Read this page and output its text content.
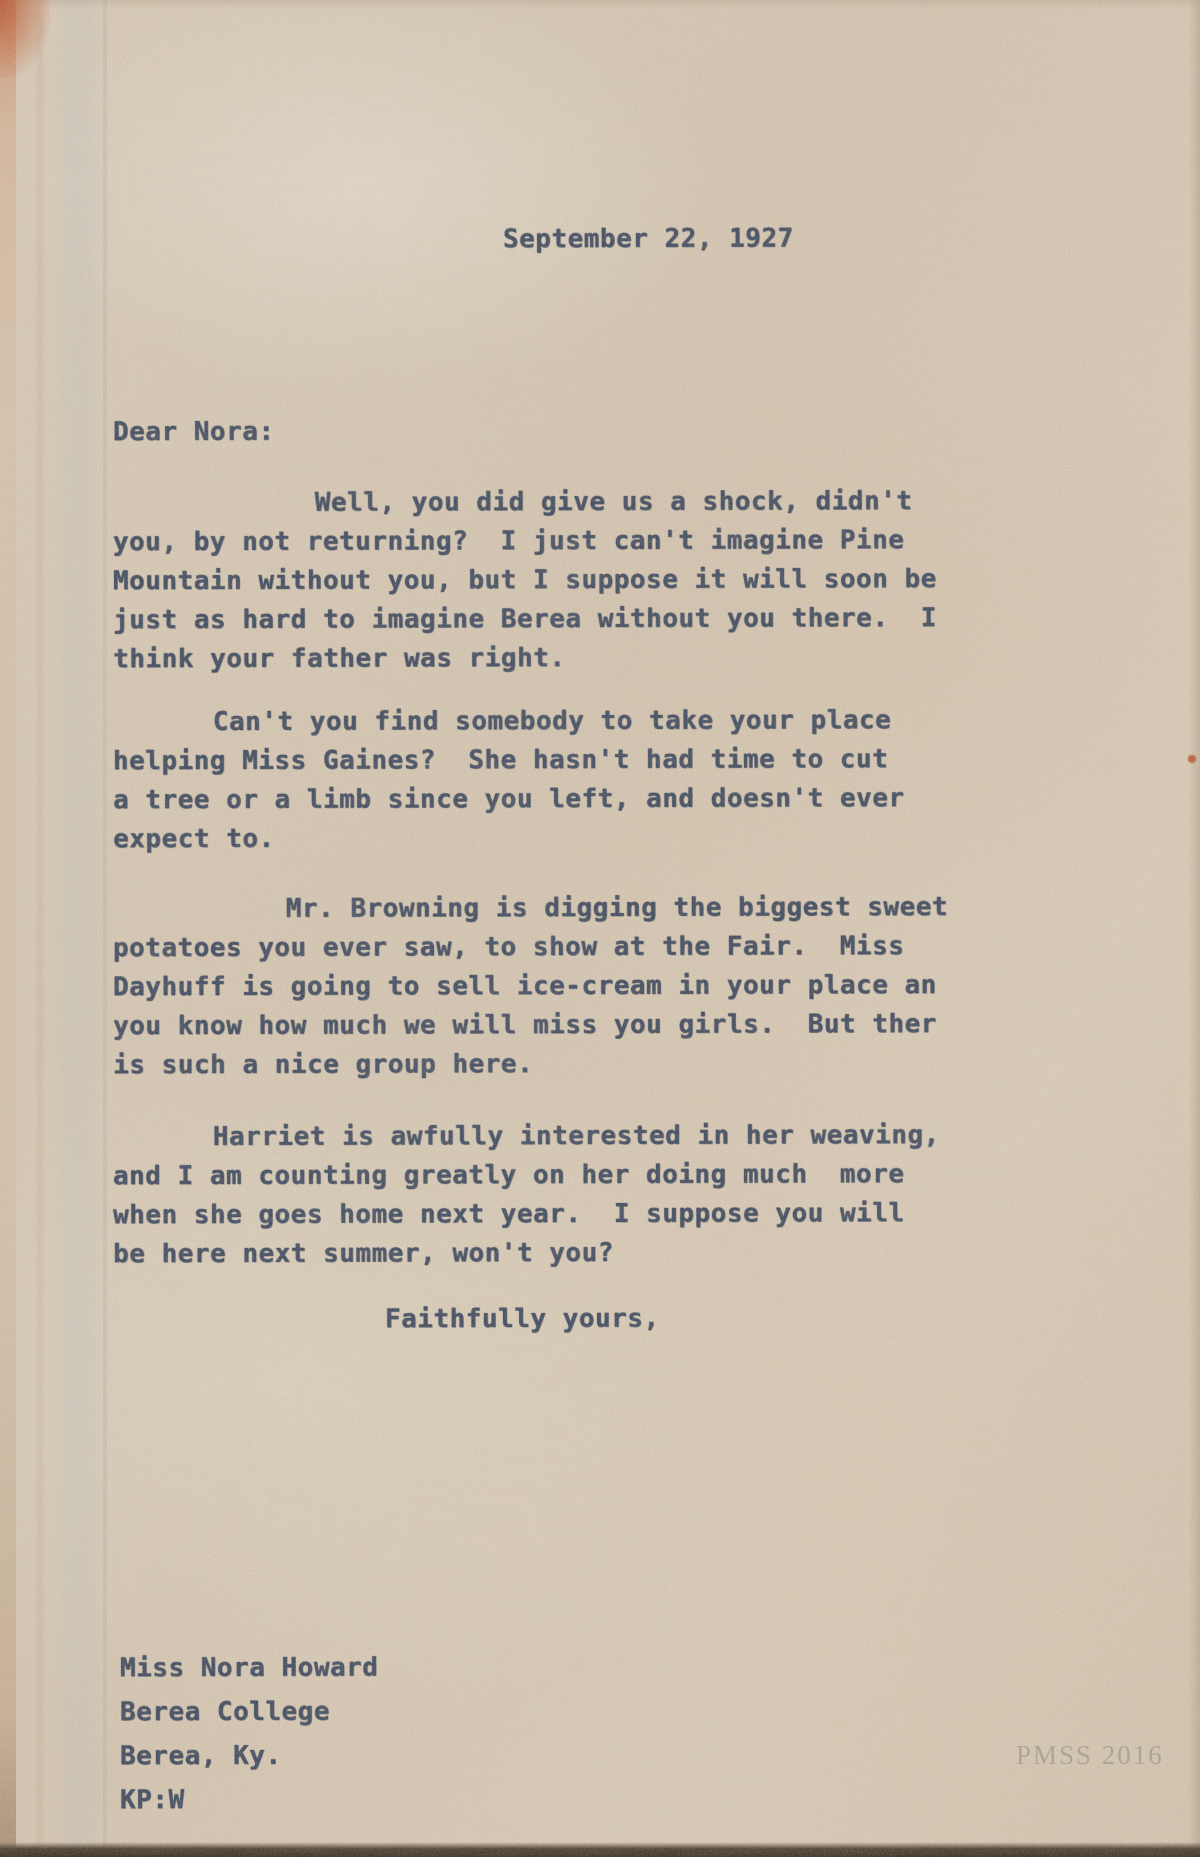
September 22, 1927
Dear Nora:
Well, you did give us a shock, didn't
you, by not returning?  I just can't imagine Pine
Mountain without you, but I suppose it will soon be
just as hard to imagine Berea without you there.  I
think your father was right.
Can't you find somebody to take your place
helping Miss Gaines?  She hasn't had time to cut
a tree or a limb since you left, and doesn't ever
expect to.
Mr. Browning is digging the biggest sweet
potatoes you ever saw, to show at the Fair.  Miss
Dayhuff is going to sell ice-cream in your place an
you know how much we will miss you girls.  But ther
is such a nice group here.
Harriet is awfully interested in her weaving,
and I am counting greatly on her doing much  more
when she goes home next year.  I suppose you will
be here next summer, won't you?
Faithfully yours,
Miss Nora Howard
Berea College
Berea, Ky.
KP:W
PMSS 2016
